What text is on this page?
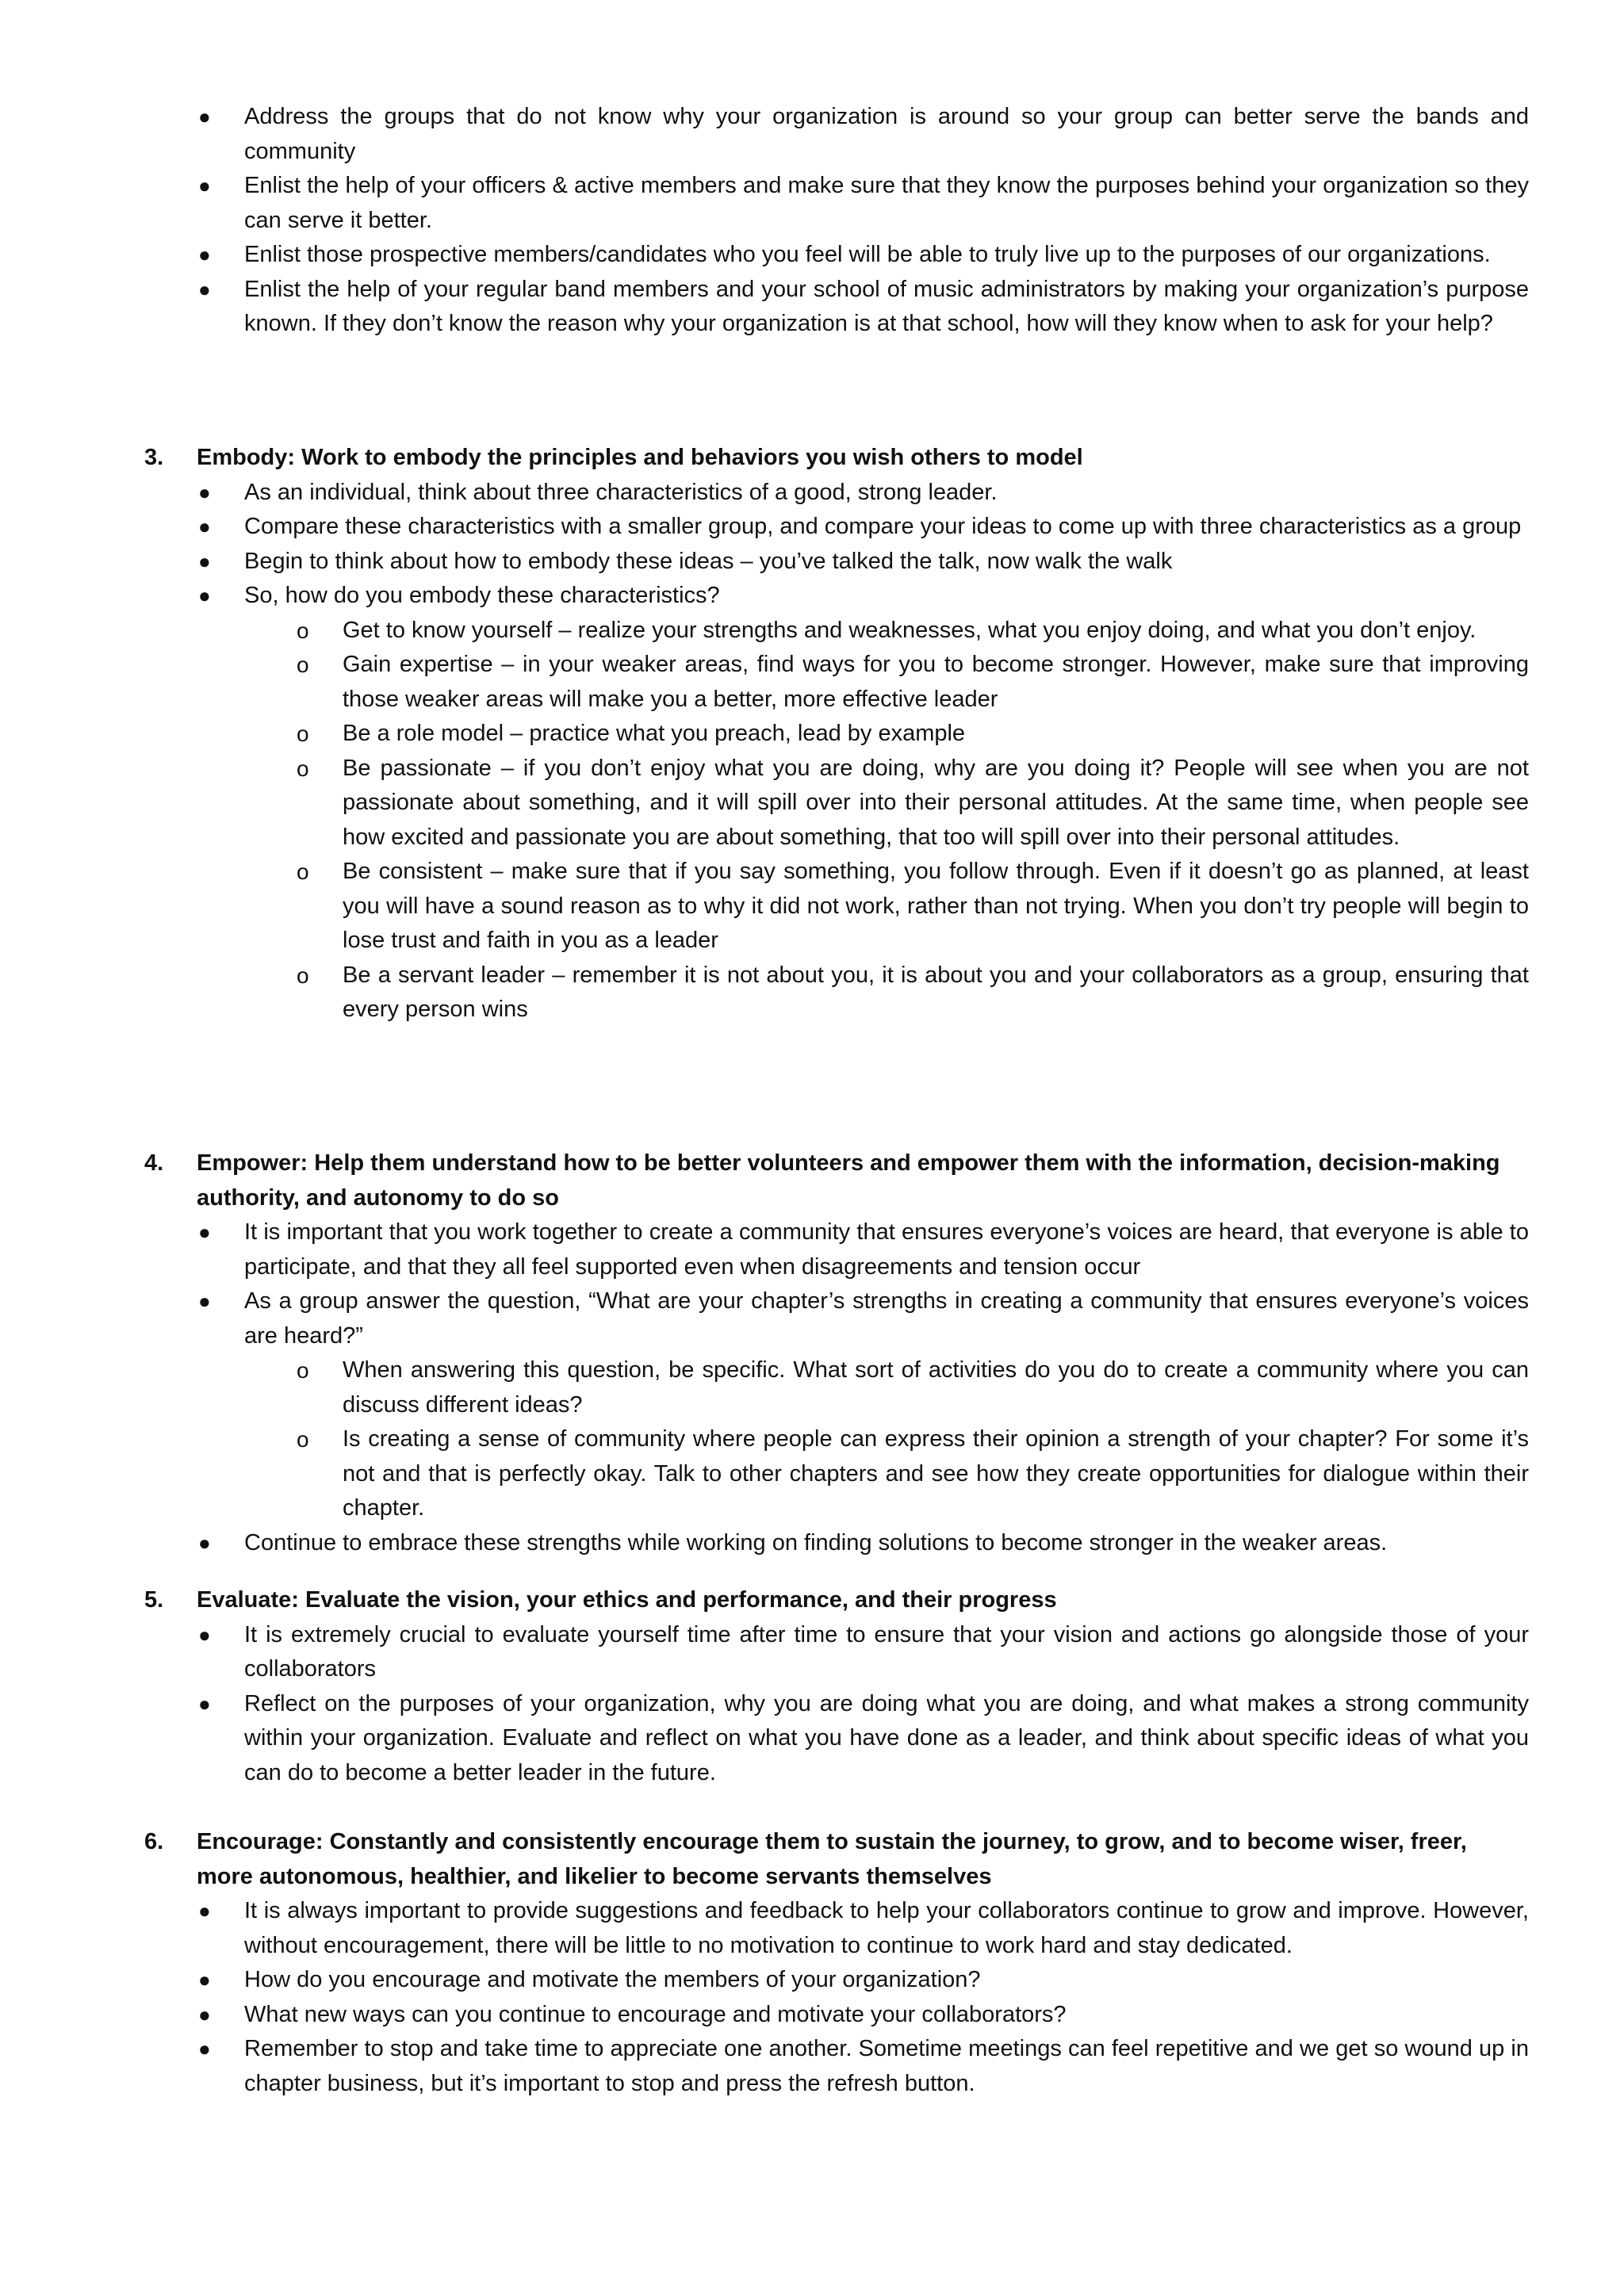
● Address the groups that do not know why your organization is around so your group can better serve the bands and community
● Enlist the help of your officers & active members and make sure that they know the purposes behind your organization so they can serve it better.
● Enlist those prospective members/candidates who you feel will be able to truly live up to the purposes of our organizations.
● Enlist the help of your regular band members and your school of music administrators by making your organization’s purpose known. If they don’t know the reason why your organization is at that school, how will they know when to ask for your help?
3. Embody: Work to embody the principles and behaviors you wish others to model
● As an individual, think about three characteristics of a good, strong leader.
● Compare these characteristics with a smaller group, and compare your ideas to come up with three characteristics as a group
● Begin to think about how to embody these ideas – you’ve talked the talk, now walk the walk
● So, how do you embody these characteristics?
o Get to know yourself – realize your strengths and weaknesses, what you enjoy doing, and what you don’t enjoy.
o Gain expertise – in your weaker areas, find ways for you to become stronger. However, make sure that improving those weaker areas will make you a better, more effective leader
o Be a role model – practice what you preach, lead by example
o Be passionate – if you don’t enjoy what you are doing, why are you doing it? People will see when you are not passionate about something, and it will spill over into their personal attitudes. At the same time, when people see how excited and passionate you are about something, that too will spill over into their personal attitudes.
o Be consistent – make sure that if you say something, you follow through. Even if it doesn’t go as planned, at least you will have a sound reason as to why it did not work, rather than not trying. When you don’t try people will begin to lose trust and faith in you as a leader
o Be a servant leader – remember it is not about you, it is about you and your collaborators as a group, ensuring that every person wins
4. Empower: Help them understand how to be better volunteers and empower them with the information, decision-making authority, and autonomy to do so
● It is important that you work together to create a community that ensures everyone’s voices are heard, that everyone is able to participate, and that they all feel supported even when disagreements and tension occur
● As a group answer the question, “What are your chapter’s strengths in creating a community that ensures everyone’s voices are heard?”
o When answering this question, be specific. What sort of activities do you do to create a community where you can discuss different ideas?
o Is creating a sense of community where people can express their opinion a strength of your chapter? For some it’s not and that is perfectly okay. Talk to other chapters and see how they create opportunities for dialogue within their chapter.
● Continue to embrace these strengths while working on finding solutions to become stronger in the weaker areas.
5. Evaluate: Evaluate the vision, your ethics and performance, and their progress
● It is extremely crucial to evaluate yourself time after time to ensure that your vision and actions go alongside those of your collaborators
● Reflect on the purposes of your organization, why you are doing what you are doing, and what makes a strong community within your organization. Evaluate and reflect on what you have done as a leader, and think about specific ideas of what you can do to become a better leader in the future.
6. Encourage: Constantly and consistently encourage them to sustain the journey, to grow, and to become wiser, freer, more autonomous, healthier, and likelier to become servants themselves
● It is always important to provide suggestions and feedback to help your collaborators continue to grow and improve. However, without encouragement, there will be little to no motivation to continue to work hard and stay dedicated.
● How do you encourage and motivate the members of your organization?
● What new ways can you continue to encourage and motivate your collaborators?
● Remember to stop and take time to appreciate one another. Sometime meetings can feel repetitive and we get so wound up in chapter business, but it’s important to stop and press the refresh button.
